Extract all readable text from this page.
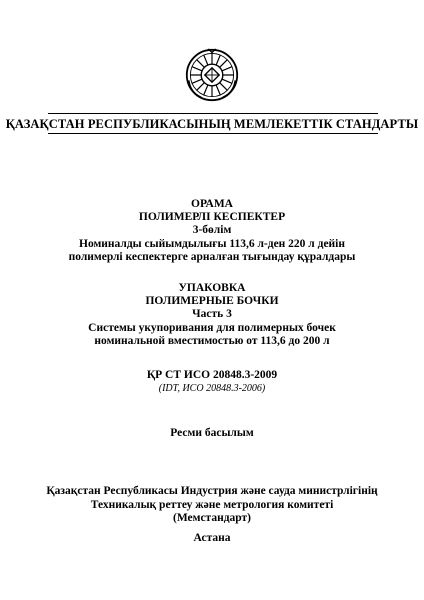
ҚАЗАҚСТАН РЕСПУБЛИКАСЫНЫҢ МЕМЛЕКЕТТІК СТАНДАРТЫ
ОРАМА
ПОЛИМЕРЛІ КЕСПЕКТЕР
3-бөлім
Номиналды сыйымдылығы 113,6 л-ден 220 л дейін
полимерлі кеспектерге арналған тығындау құралдары
УПАКОВКА
ПОЛИМЕРНЫЕ БОЧКИ
Часть 3
Системы укупоривания для полимерных бочек
номинальной вместимостью от 113,6 до 200 л
ҚР СТ ИСО 20848.3-2009
(IDT, ИСО 20848.3-2006)
Ресми басылым
Қазақстан Республикасы Индустрия және сауда министрлігінің
Техникалық реттеу және метрология комитеті
(Мемстандарт)
Астана
